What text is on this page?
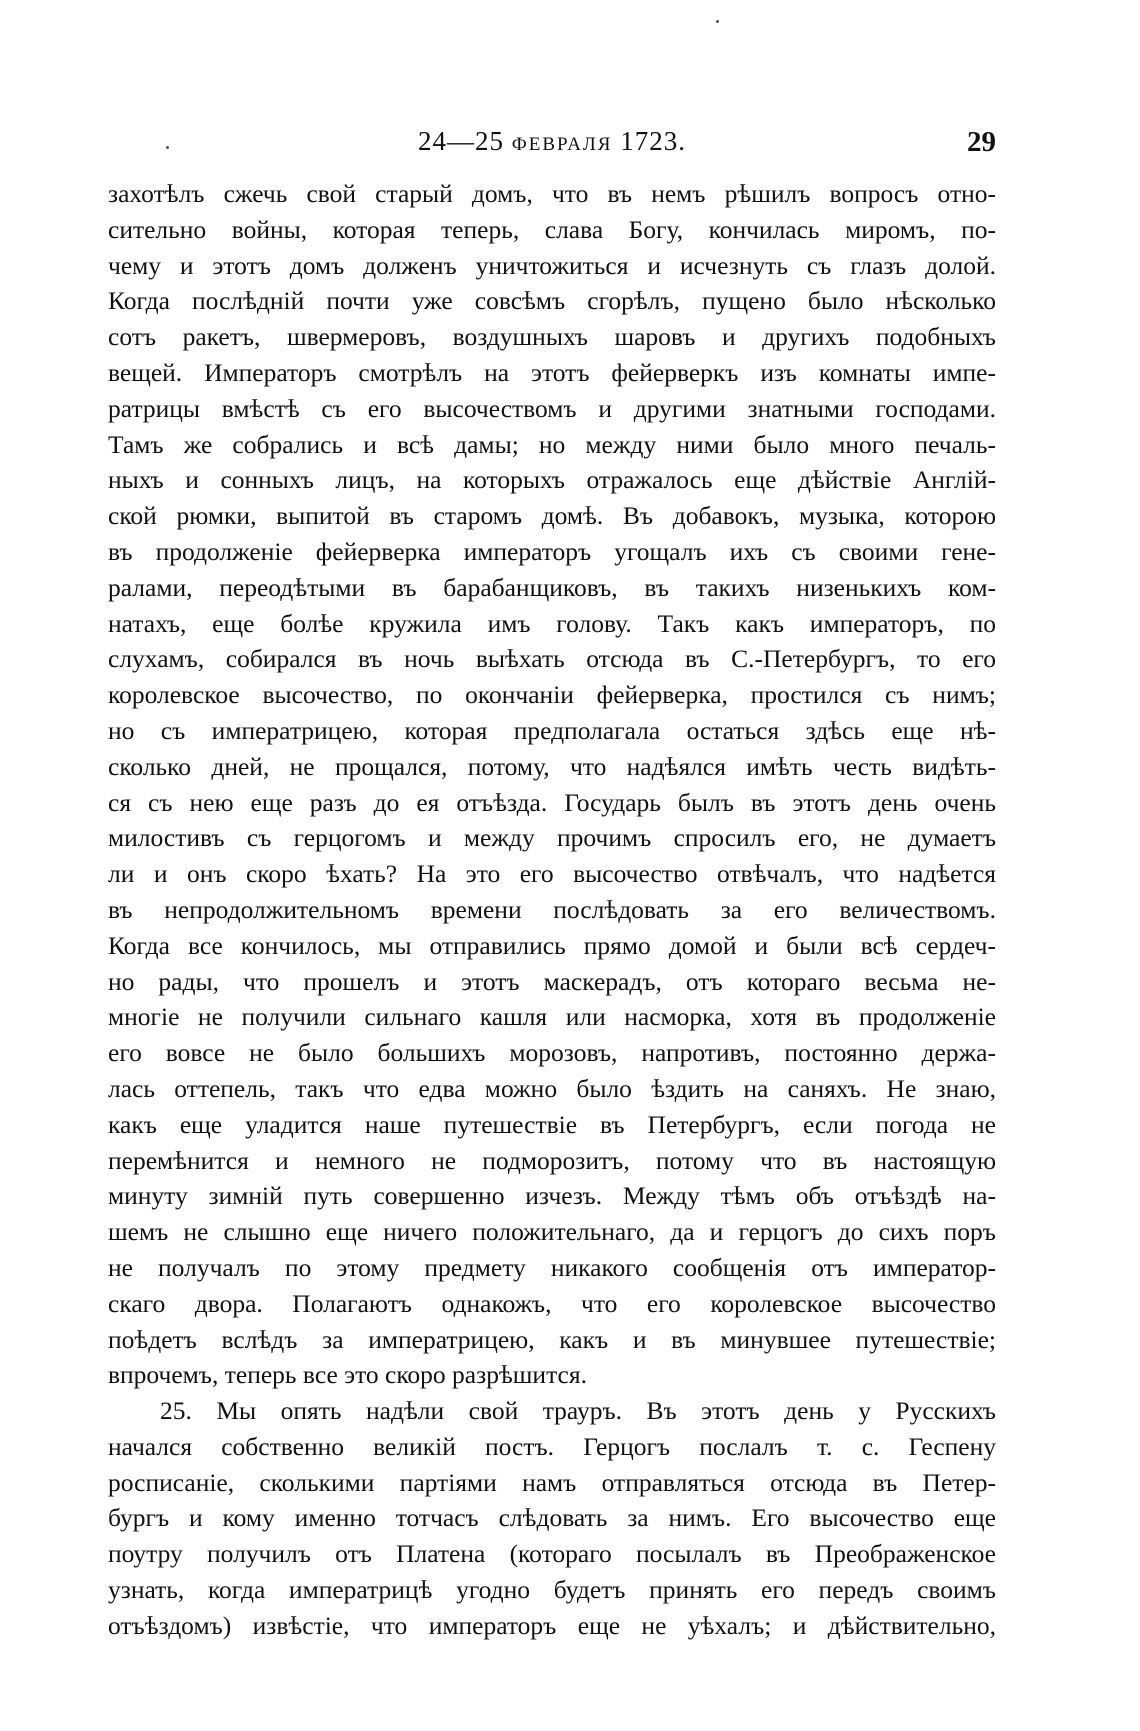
24—25 ФЕВРАЛЯ 1723.	29
захотѣлъ сжечь свой старый домъ, что въ немъ рѣшилъ вопросъ отно-
сительно войны, которая теперь, слава Богу, кончилась миромъ, по-
чему и этотъ домъ долженъ уничтожиться и исчезнуть съ глазъ долой.
Когда послѣднiй почти уже совсѣмъ сгорѣлъ, пущено было нѣсколько
сотъ ракетъ, швермеровъ, воздушныхъ шаровъ и другихъ подобныхъ
вещей. Императоръ смотрѣлъ на этотъ фейерверкъ изъ комнаты импе-
ратрицы вмѣстѣ съ его высочествомъ и другими знатными господами.
Тамъ же собрались и всѣ дамы; но между ними было много печаль-
ныхъ и сонныхъ лицъ, на которыхъ отражалось еще дѣйствiе Англiй-
ской рюмки, выпитой въ старомъ домѣ. Въ добавокъ, музыка, которою
въ продолженiе фейерверка императоръ угощалъ ихъ съ своими гене-
ралами, переодѣтыми въ барабанщиковъ, въ такихъ низенькихъ ком-
натахъ, еще болѣе кружила имъ голову. Такъ какъ императоръ, по
слухамъ, собирался въ ночь выѣхать отсюда въ С.-Петербургъ, то его
королевское высочество, по окончанiи фейерверка, простился съ нимъ;
но съ императрицею, которая предполагала остаться здѣсь еще нѣ-
сколько дней, не прощался, потому, что надѣялся имѣть честь видѣть-
ся съ нею еще разъ до ея отъѣзда. Государь былъ въ этотъ день очень
милостивъ съ герцогомъ и между прочимъ спросилъ его, не думаетъ
ли и онъ скоро ѣхать? На это его высочество отвѣчалъ, что надѣется
въ непродолжительномъ времени послѣдовать за его величествомъ.
Когда все кончилось, мы отправились прямо домой и были всѣ сердеч-
но рады, что прошелъ и этотъ маскерадъ, отъ котораго весьма не-
многiе не получили сильнаго кашля или насморка, хотя въ продолженiе
его вовсе не было большихъ морозовъ, напротивъ, постоянно держа-
лась оттепель, такъ что едва можно было ѣздить на саняхъ. Не знаю,
какъ еще уладится наше путешествiе въ Петербургъ, если погода не
перемѣнится и немного не подморозитъ, потому что въ настоящую
минуту зимнiй путь совершенно изчезъ. Между тѣмъ объ отъѣздѣ на-
шемъ не слышно еще ничего положительнаго, да и герцогъ до сихъ поръ
не получалъ по этому предмету никакого сообщенiя отъ император-
скаго двора. Полагаютъ однакожъ, что его королевское высочество
поѣдетъ вслѣдъ за императрицею, какъ и въ минувшее путешествiе;
впрочемъ, теперь все это скоро разрѣшится.
25. Мы опять надѣли свой трауръ. Въ этотъ день у Русскихъ
начался собственно великiй постъ. Герцогъ послалъ т. с. Геспену
росписанiе, сколькими партiями намъ отправляться отсюда въ Петер-
бургъ и кому именно тотчасъ слѣдовать за нимъ. Его высочество еще
поутру получилъ отъ Платена (котораго посылалъ въ Преображенское
узнать, когда императрицѣ угодно будетъ принять его передъ своимъ
отъѣздомъ) извѣстiе, что императоръ еще не уѣхалъ; и дѣйствительно,
